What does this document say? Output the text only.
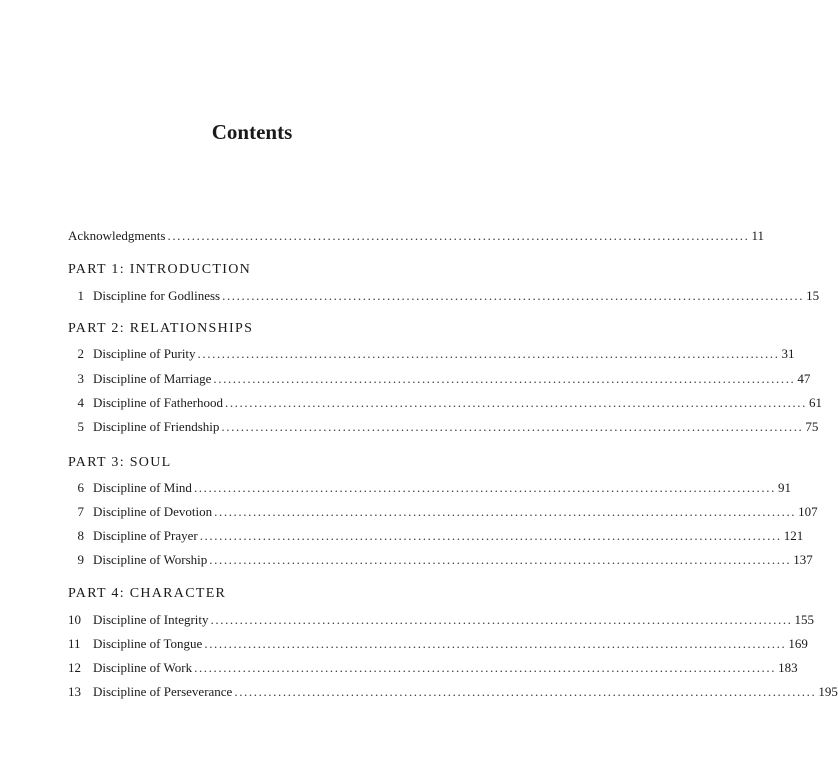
Contents
Acknowledgments ........................................................................................................................ 11
PART 1: INTRODUCTION
1 Discipline for Godliness ........................................................................................................................ 15
PART 2: RELATIONSHIPS
2 Discipline of Purity ........................................................................................................................ 31
3 Discipline of Marriage ........................................................................................................................ 47
4 Discipline of Fatherhood ........................................................................................................................ 61
5 Discipline of Friendship ........................................................................................................................ 75
PART 3: SOUL
6 Discipline of Mind ........................................................................................................................ 91
7 Discipline of Devotion ........................................................................................................................ 107
8 Discipline of Prayer ........................................................................................................................ 121
9 Discipline of Worship ........................................................................................................................ 137
PART 4: CHARACTER
10 Discipline of Integrity ........................................................................................................................ 155
11 Discipline of Tongue ........................................................................................................................ 169
12 Discipline of Work ........................................................................................................................ 183
13 Discipline of Perseverance ........................................................................................................................ 195
